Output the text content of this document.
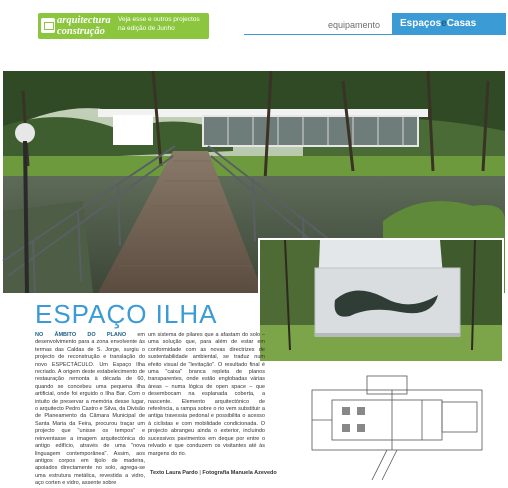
arquitectura
construção
Veja esse e outros projectos na edição de Junho	equipamento EspaçoseCasas
ESPAÇO ILHA
NO ÂMBITO DO PLANO em desenvolvimento para a zona envolvente às termas das Caldas de S. Jorge, surgiu o projecto de reconstrução e translação do novo ESPECTÁCULO. Um Espaço Ilha recriado. A origem deste estabelecimento de restauração remonta à década de 60, quando se concebeu uma pequena ilha artificial, onde foi erguido o Ilha Bar. Com o intuito de preservar a memória desse lugar, o arquitecto Pedro Castro e Silva, da Divisão de Planeamento da Câmara Municipal de Santa Maria da Feira, procurou traçar um projecto que "unisse os tempos" e reinventasse a imagem arquitectónica do antigo edifício, através de uma "nova linguagem contemporânea". Assim, aos antigos corpos em tijolo de madeira, apoiados directamente no solo, agrega-se uma estrutura metálica, revestida a vidro, aço corten e vidro, assente sobre
um sistema de pilares que a afastam do solo – uma solução que, para além de estar em conformidade com as novas directrizes de sustentabilidade ambiental, se traduz num efeito visual de "levitação". O resultado final é uma "caixa" branca repleta de planos transparentes, onde estão englobadas várias áreas – numa lógica de open space – que desembocam na esplanada coberta, a nascente. Elemento arquitectónico de referência, a rampa sobre o rio vem substituir a antiga travessia pedonal e possibilita o acesso à ciclistas e com mobilidade condicionada. O projecto abrangeu ainda o exterior, incluindo sucessivos pavimentos em deque por entre o relvado e que conduzem os visitantes até às margens do rio.
Texto Laura Pardo | Fotografia Manuela Azevedo
